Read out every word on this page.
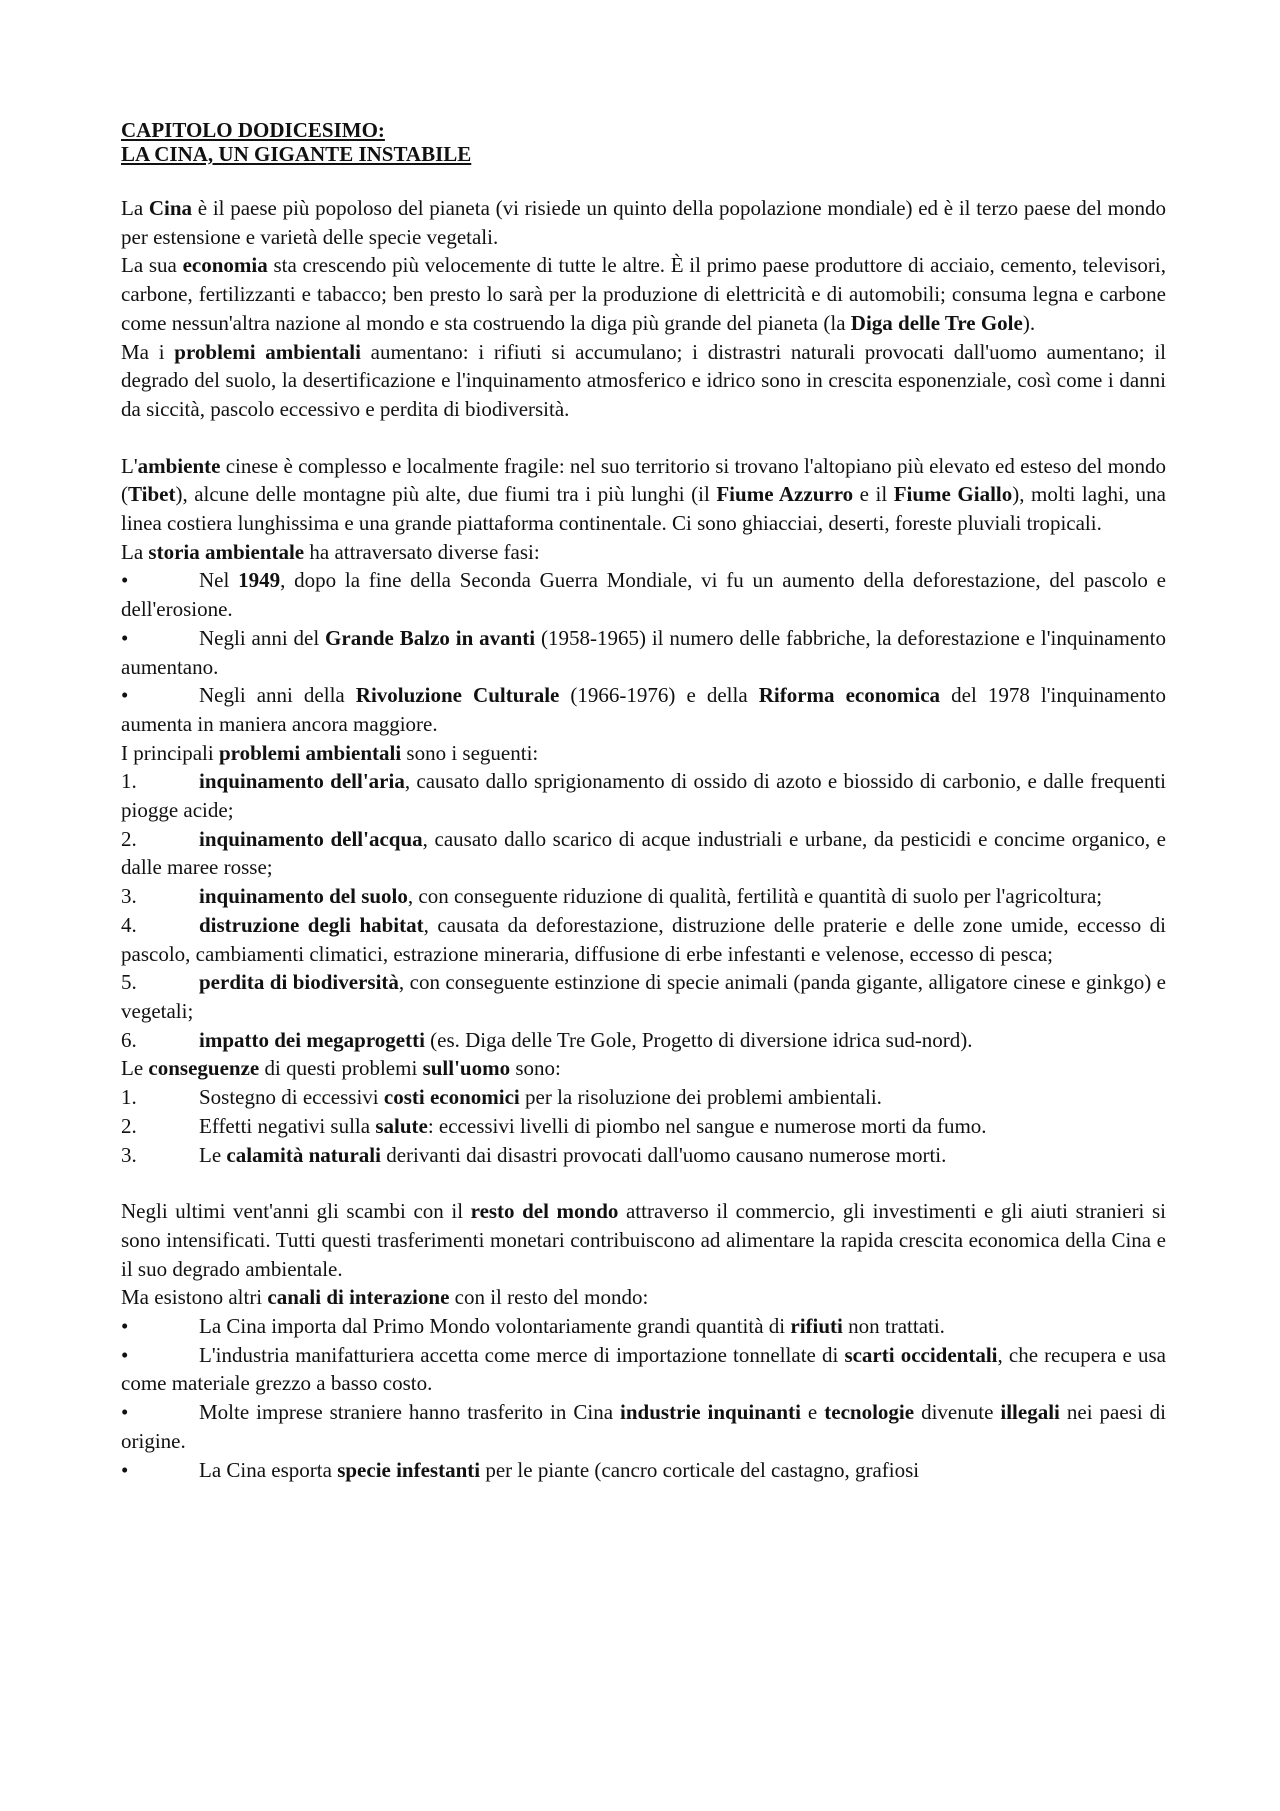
CAPITOLO DODICESIMO:

LA CINA, UN GIGANTE INSTABILE

La Cina è il paese più popoloso del pianeta (vi risiede un quinto della popolazione mondiale) ed è il terzo paese del mondo per estensione e varietà delle specie vegetali.

La sua economia sta crescendo più velocemente di tutte le altre. È il primo paese produttore di acciaio, cemento, televisori, carbone, fertilizzanti e tabacco; ben presto lo sarà per la produzione di elettricità e di automobili; consuma legna e carbone come nessun'altra nazione al mondo e sta costruendo la diga più grande del pianeta (la Diga delle Tre Gole).

Ma i problemi ambientali aumentano: i rifiuti si accumulano; i distrastri naturali provocati dall'uomo aumentano; il degrado del suolo, la desertificazione e l'inquinamento atmosferico e idrico sono in crescita esponenziale, così come i danni da siccità, pascolo eccessivo e perdita di biodiversità.

L'ambiente cinese è complesso e localmente fragile: nel suo territorio si trovano l'altopiano più elevato ed esteso del mondo (Tibet), alcune delle montagne più alte, due fiumi tra i più lunghi (il Fiume Azzurro e il Fiume Giallo), molti laghi, una linea costiera lunghissima e una grande piattaforma continentale. Ci sono ghiacciai, deserti, foreste pluviali tropicali.

La storia ambientale ha attraversato diverse fasi:

•	Nel 1949, dopo la fine della Seconda Guerra Mondiale, vi fu un aumento della deforestazione, del pascolo e dell'erosione.

•	Negli anni del Grande Balzo in avanti (1958-1965) il numero delle fabbriche, la deforestazione e l'inquinamento aumentano.

•	Negli anni della Rivoluzione Culturale (1966-1976) e della Riforma economica del 1978 l'inquinamento aumenta in maniera ancora maggiore.

I principali problemi ambientali sono i seguenti:

1.	inquinamento dell'aria, causato dallo sprigionamento di ossido di azoto e biossido di carbonio, e dalle frequenti piogge acide;

2.	inquinamento dell'acqua, causato dallo scarico di acque industriali e urbane, da pesticidi e concime organico, e dalle maree rosse;

3.	inquinamento del suolo, con conseguente riduzione di qualità, fertilità e quantità di suolo per l'agricoltura;

4.	distruzione degli habitat, causata da deforestazione, distruzione delle praterie e delle zone umide, eccesso di pascolo, cambiamenti climatici, estrazione mineraria, diffusione di erbe infestanti e velenose, eccesso di pesca;

5.	perdita di biodiversità, con conseguente estinzione di specie animali (panda gigante, alligatore cinese e ginkgo) e vegetali;

6.	impatto dei megaprogetti (es. Diga delle Tre Gole, Progetto di diversione idrica sud-nord).

Le conseguenze di questi problemi sull'uomo sono:

1.	Sostegno di eccessivi costi economici per la risoluzione dei problemi ambientali.

2.	Effetti negativi sulla salute: eccessivi livelli di piombo nel sangue e numerose morti da fumo.

3.	Le calamità naturali derivanti dai disastri provocati dall'uomo causano numerose morti.

Negli ultimi vent'anni gli scambi con il resto del mondo attraverso il commercio, gli investimenti e gli aiuti stranieri si sono intensificati. Tutti questi trasferimenti monetari contribuiscono ad alimentare la rapida crescita economica della Cina e il suo degrado ambientale.

Ma esistono altri canali di interazione con il resto del mondo:

•	La Cina importa dal Primo Mondo volontariamente grandi quantità di rifiuti non trattati.

•	L'industria manifatturiera accetta come merce di importazione tonnellate di scarti occidentali, che recupera e usa come materiale grezzo a basso costo.

•	Molte imprese straniere hanno trasferito in Cina industrie inquinanti e tecnologie divenute illegali nei paesi di origine.

•	La Cina esporta specie infestanti per le piante (cancro corticale del castagno, grafiosi
